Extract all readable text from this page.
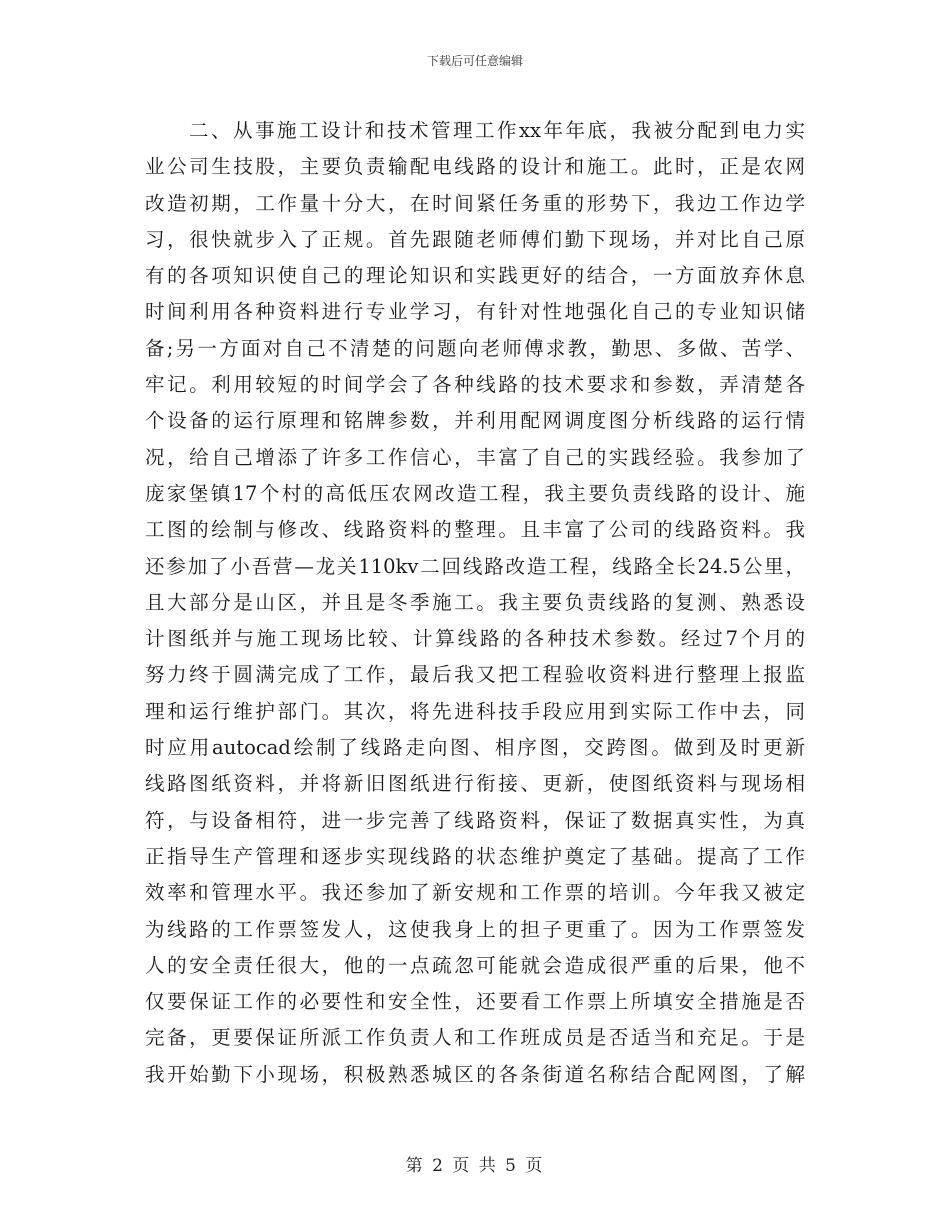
下载后可任意编辑
二、从事施工设计和技术管理工作xx年年底，我被分配到电力实
业公司生技股，主要负责输配电线路的设计和施工。此时，正是农网
改造初期，工作量十分大，在时间紧任务重的形势下，我边工作边学
习，很快就步入了正规。首先跟随老师傅们勤下现场，并对比自己原
有的各项知识使自己的理论知识和实践更好的结合，一方面放弃休息
时间利用各种资料进行专业学习，有针对性地强化自己的专业知识储
备;另一方面对自己不清楚的问题向老师傅求教，勤思、多做、苦学、
牢记。利用较短的时间学会了各种线路的技术要求和参数，弄清楚各
个设备的运行原理和铭牌参数，并利用配网调度图分析线路的运行情
况，给自己增添了许多工作信心，丰富了自己的实践经验。我参加了
庞家堡镇17个村的高低压农网改造工程，我主要负责线路的设计、施
工图的绘制与修改、线路资料的整理。且丰富了公司的线路资料。我
还参加了小吾营—龙关110kv二回线路改造工程，线路全长24.5公里，
且大部分是山区，并且是冬季施工。我主要负责线路的复测、熟悉设
计图纸并与施工现场比较、计算线路的各种技术参数。经过7个月的
努力终于圆满完成了工作，最后我又把工程验收资料进行整理上报监
理和运行维护部门。其次，将先进科技手段应用到实际工作中去，同
时应用autocad绘制了线路走向图、相序图，交跨图。做到及时更新
线路图纸资料，并将新旧图纸进行衔接、更新，使图纸资料与现场相
符，与设备相符，进一步完善了线路资料，保证了数据真实性，为真
正指导生产管理和逐步实现线路的状态维护奠定了基础。提高了工作
效率和管理水平。我还参加了新安规和工作票的培训。今年我又被定
为线路的工作票签发人，这使我身上的担子更重了。因为工作票签发
人的安全责任很大，他的一点疏忽可能就会造成很严重的后果，他不
仅要保证工作的必要性和安全性，还要看工作票上所填安全措施是否
完备，更要保证所派工作负责人和工作班成员是否适当和充足。于是
我开始勤下小现场，积极熟悉城区的各条街道名称结合配网图，了解
第 2 页 共 5 页
